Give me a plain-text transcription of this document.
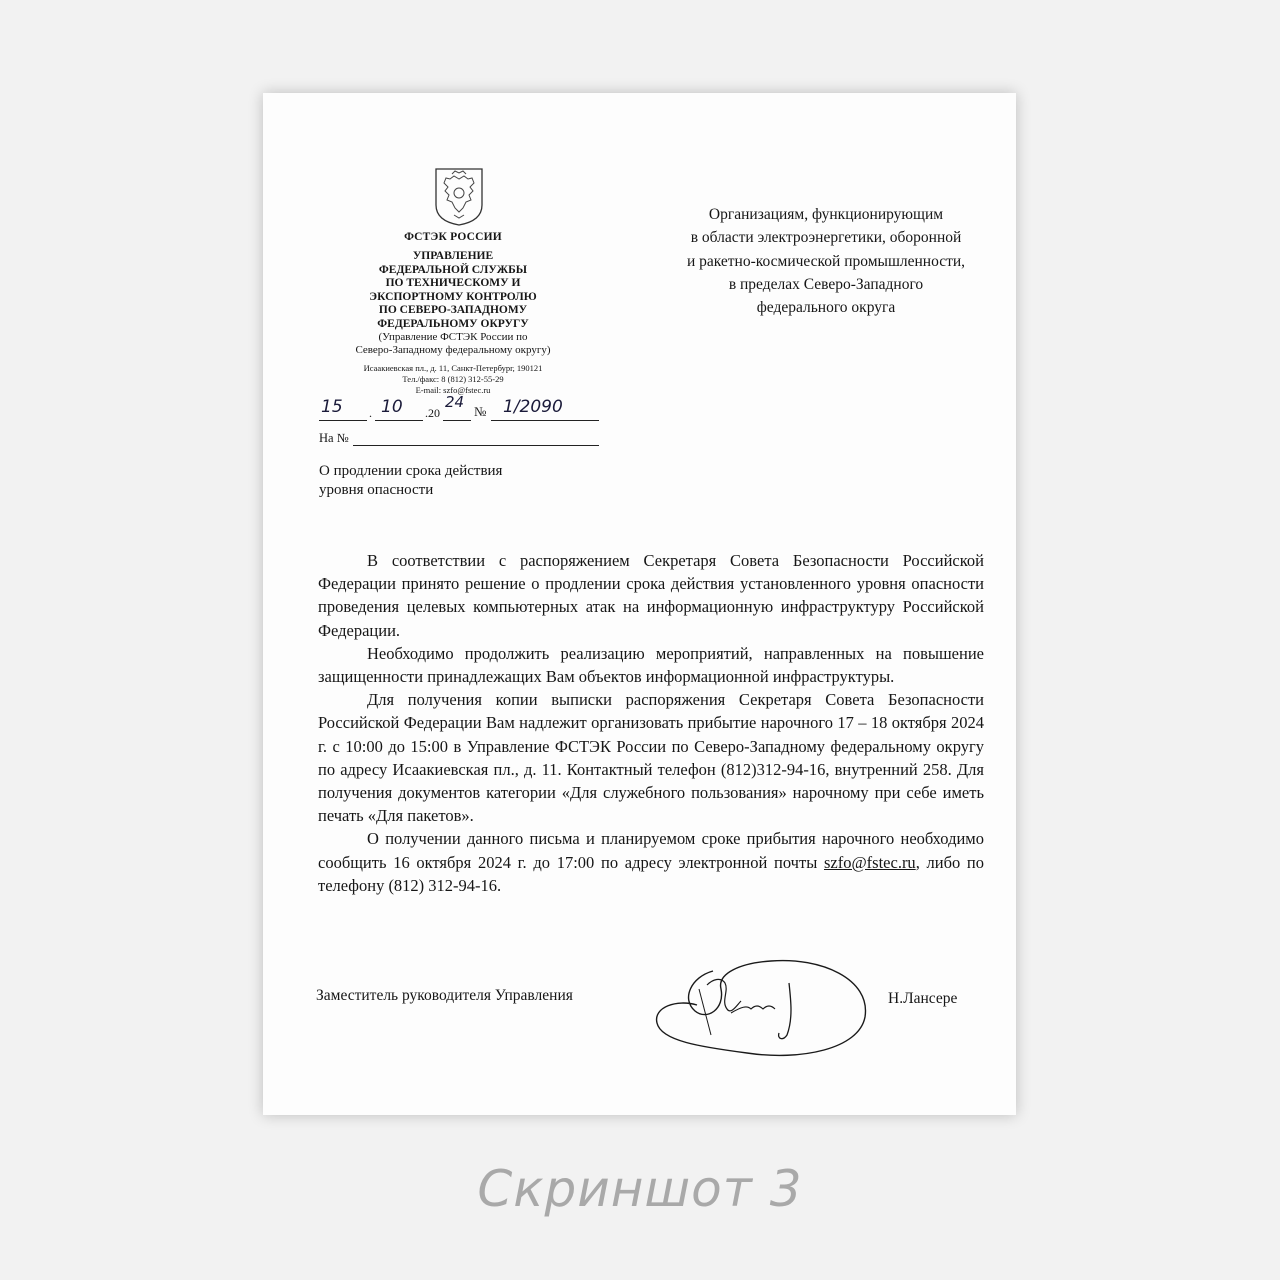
ФСТЭК РОССИИ
УПРАВЛЕНИЕ
ФЕДЕРАЛЬНОЙ СЛУЖБЫ
ПО ТЕХНИЧЕСКОМУ И
ЭКСПОРТНОМУ КОНТРОЛЮ
ПО СЕВЕРО-ЗАПАДНОМУ
ФЕДЕРАЛЬНОМУ ОКРУГУ
(Управление ФСТЭК России по
Северо-Западному федеральному округу)
Исаакиевская пл., д. 11, Санкт-Петербург, 190121
Тел./факс: 8 (812) 312-55-29
E-mail: szfo@fstec.ru
15 . 10 .20
24
№ 1/2090
На №
Организациям, функционирующим
в области электроэнергетики, оборонной
и ракетно-космической промышленности,
в пределах Северо-Западного
федерального округа
О продлении срока действия
уровня опасности

В соответствии с распоряжением Секретаря Совета Безопасности Российской Федерации принято решение о продлении срока действия установленного уровня опасности проведения целевых компьютерных атак на информационную инфраструктуру Российской Федерации.

Необходимо продолжить реализацию мероприятий, направленных на повышение защищенности принадлежащих Вам объектов информационной инфраструктуры.

Для получения копии выписки распоряжения Секретаря Совета Безопасности Российской Федерации Вам надлежит организовать прибытие нарочного 17 – 18 октября 2024 г. с 10:00 до 15:00 в Управление ФСТЭК России по Северо-Западному федеральному округу по адресу Исаакиевская пл., д. 11. Контактный телефон (812)312-94-16, внутренний 258. Для получения документов категории «Для служебного пользования» нарочному при себе иметь печать «Для пакетов».

О получении данного письма и планируемом сроке прибытия нарочного необходимо сообщить 16 октября 2024 г. до 17:00 по адресу электронной почты szfo@fstec.ru, либо по телефону (812) 312-94-16.

Заместитель руководителя Управления	Н.Лансере
Скриншот 3
